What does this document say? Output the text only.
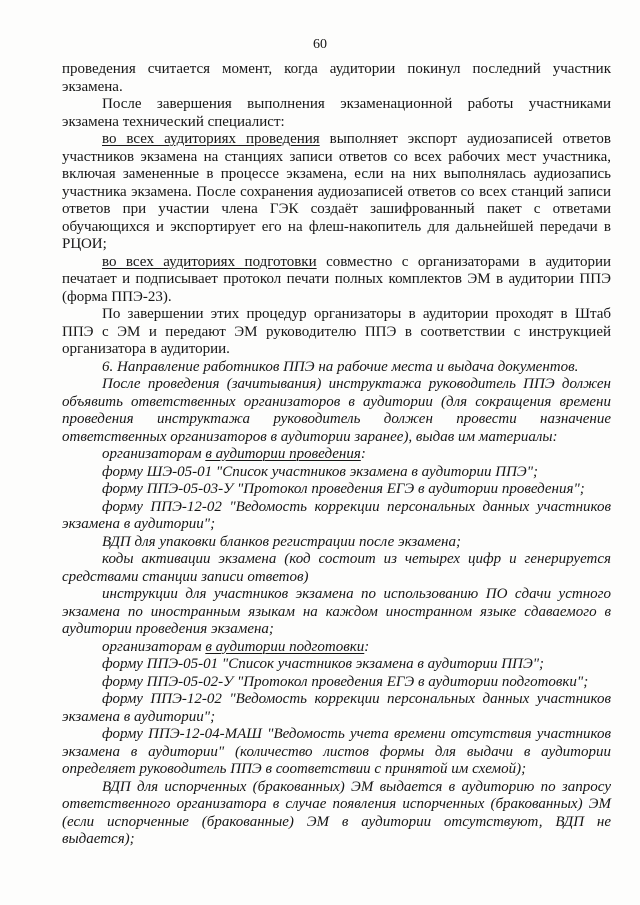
60

проведения считается момент, когда аудитории покинул последний участник экзамена.

После завершения выполнения экзаменационной работы участниками экзамена технический специалист:

во всех аудиториях проведения выполняет экспорт аудиозаписей ответов участников экзамена на станциях записи ответов со всех рабочих мест участника, включая замененные в процессе экзамена, если на них выполнялась аудиозапись участника экзамена. После сохранения аудиозаписей ответов со всех станций записи ответов при участии члена ГЭК создаёт зашифрованный пакет с ответами обучающихся и экспортирует его на флеш-накопитель для дальнейшей передачи в РЦОИ;

во всех аудиториях подготовки совместно с организаторами в аудитории печатает и подписывает протокол печати полных комплектов ЭМ в аудитории ППЭ (форма ППЭ-23).

По завершении этих процедур организаторы в аудитории проходят в Штаб ППЭ с ЭМ и передают ЭМ руководителю ППЭ в соответствии с инструкцией организатора в аудитории.

6. Направление работников ППЭ на рабочие места и выдача документов.

После проведения (зачитывания) инструктажа руководитель ППЭ должен объявить ответственных организаторов в аудитории (для сокращения времени проведения инструктажа руководитель должен провести назначение ответственных организаторов в аудитории заранее), выдав им материалы:

организаторам в аудитории проведения:

форму ШЭ-05-01 "Список участников экзамена в аудитории ППЭ";

форму ППЭ-05-03-У "Протокол проведения ЕГЭ в аудитории проведения";

форму ППЭ-12-02 "Ведомость коррекции персональных данных участников экзамена в аудитории";

ВДП для упаковки бланков регистрации после экзамена;

коды активации экзамена (код состоит из четырех цифр и генерируется средствами станции записи ответов)

инструкции для участников экзамена по использованию ПО сдачи устного экзамена по иностранным языкам на каждом иностранном языке сдаваемого в аудитории проведения экзамена;

организаторам в аудитории подготовки:

форму ППЭ-05-01 "Список участников экзамена в аудитории ППЭ";

форму ППЭ-05-02-У "Протокол проведения ЕГЭ в аудитории подготовки";

форму ППЭ-12-02 "Ведомость коррекции персональных данных участников экзамена в аудитории";

форму ППЭ-12-04-МАШ "Ведомость учета времени отсутствия участников экзамена в аудитории" (количество листов формы для выдачи в аудитории определяет руководитель ППЭ в соответствии с принятой им схемой);

ВДП для испорченных (бракованных) ЭМ выдается в аудиторию по запросу ответственного организатора в случае появления испорченных (бракованных) ЭМ (если испорченные (бракованные) ЭМ в аудитории отсутствуют, ВДП не выдается);
